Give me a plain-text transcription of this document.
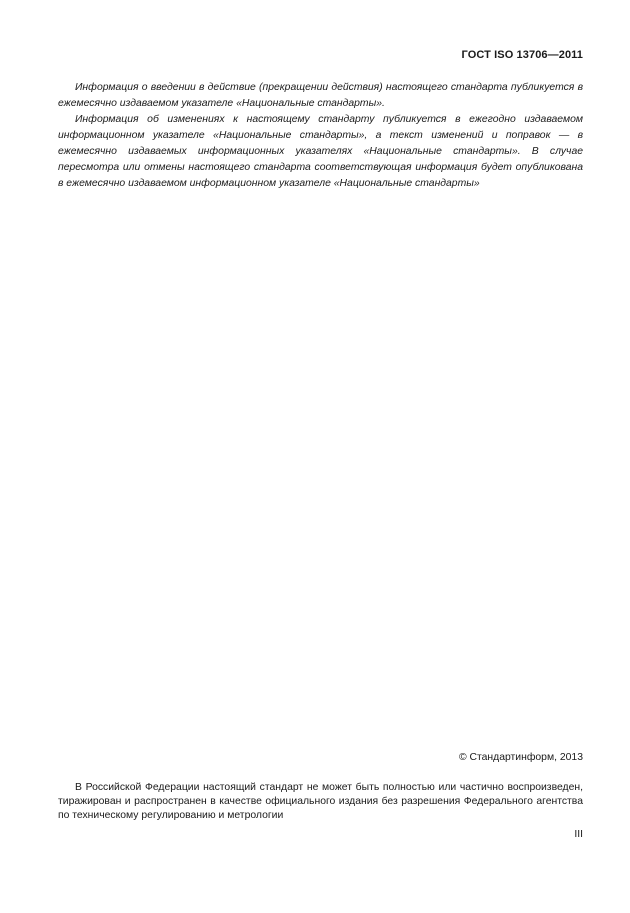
ГОСТ ISO 13706—2011

Информация о введении в действие (прекращении действия) настоящего стандарта публикуется в ежемесячно издаваемом указателе «Национальные стандарты».

Информация об изменениях к настоящему стандарту публикуется в ежегодно издаваемом информационном указателе «Национальные стандарты», а текст изменений и поправок — в ежемесячно издаваемых информационных указателях «Национальные стандарты». В случае пересмотра или отмены настоящего стандарта соответствующая информация будет опубликована в ежемесячно издаваемом информационном указателе «Национальные стандарты»

© Стандартинформ, 2013

В Российской Федерации настоящий стандарт не может быть полностью или частично воспроизведен, тиражирован и распространен в качестве официального издания без разрешения Федерального агентства по техническому регулированию и метрологии

III
